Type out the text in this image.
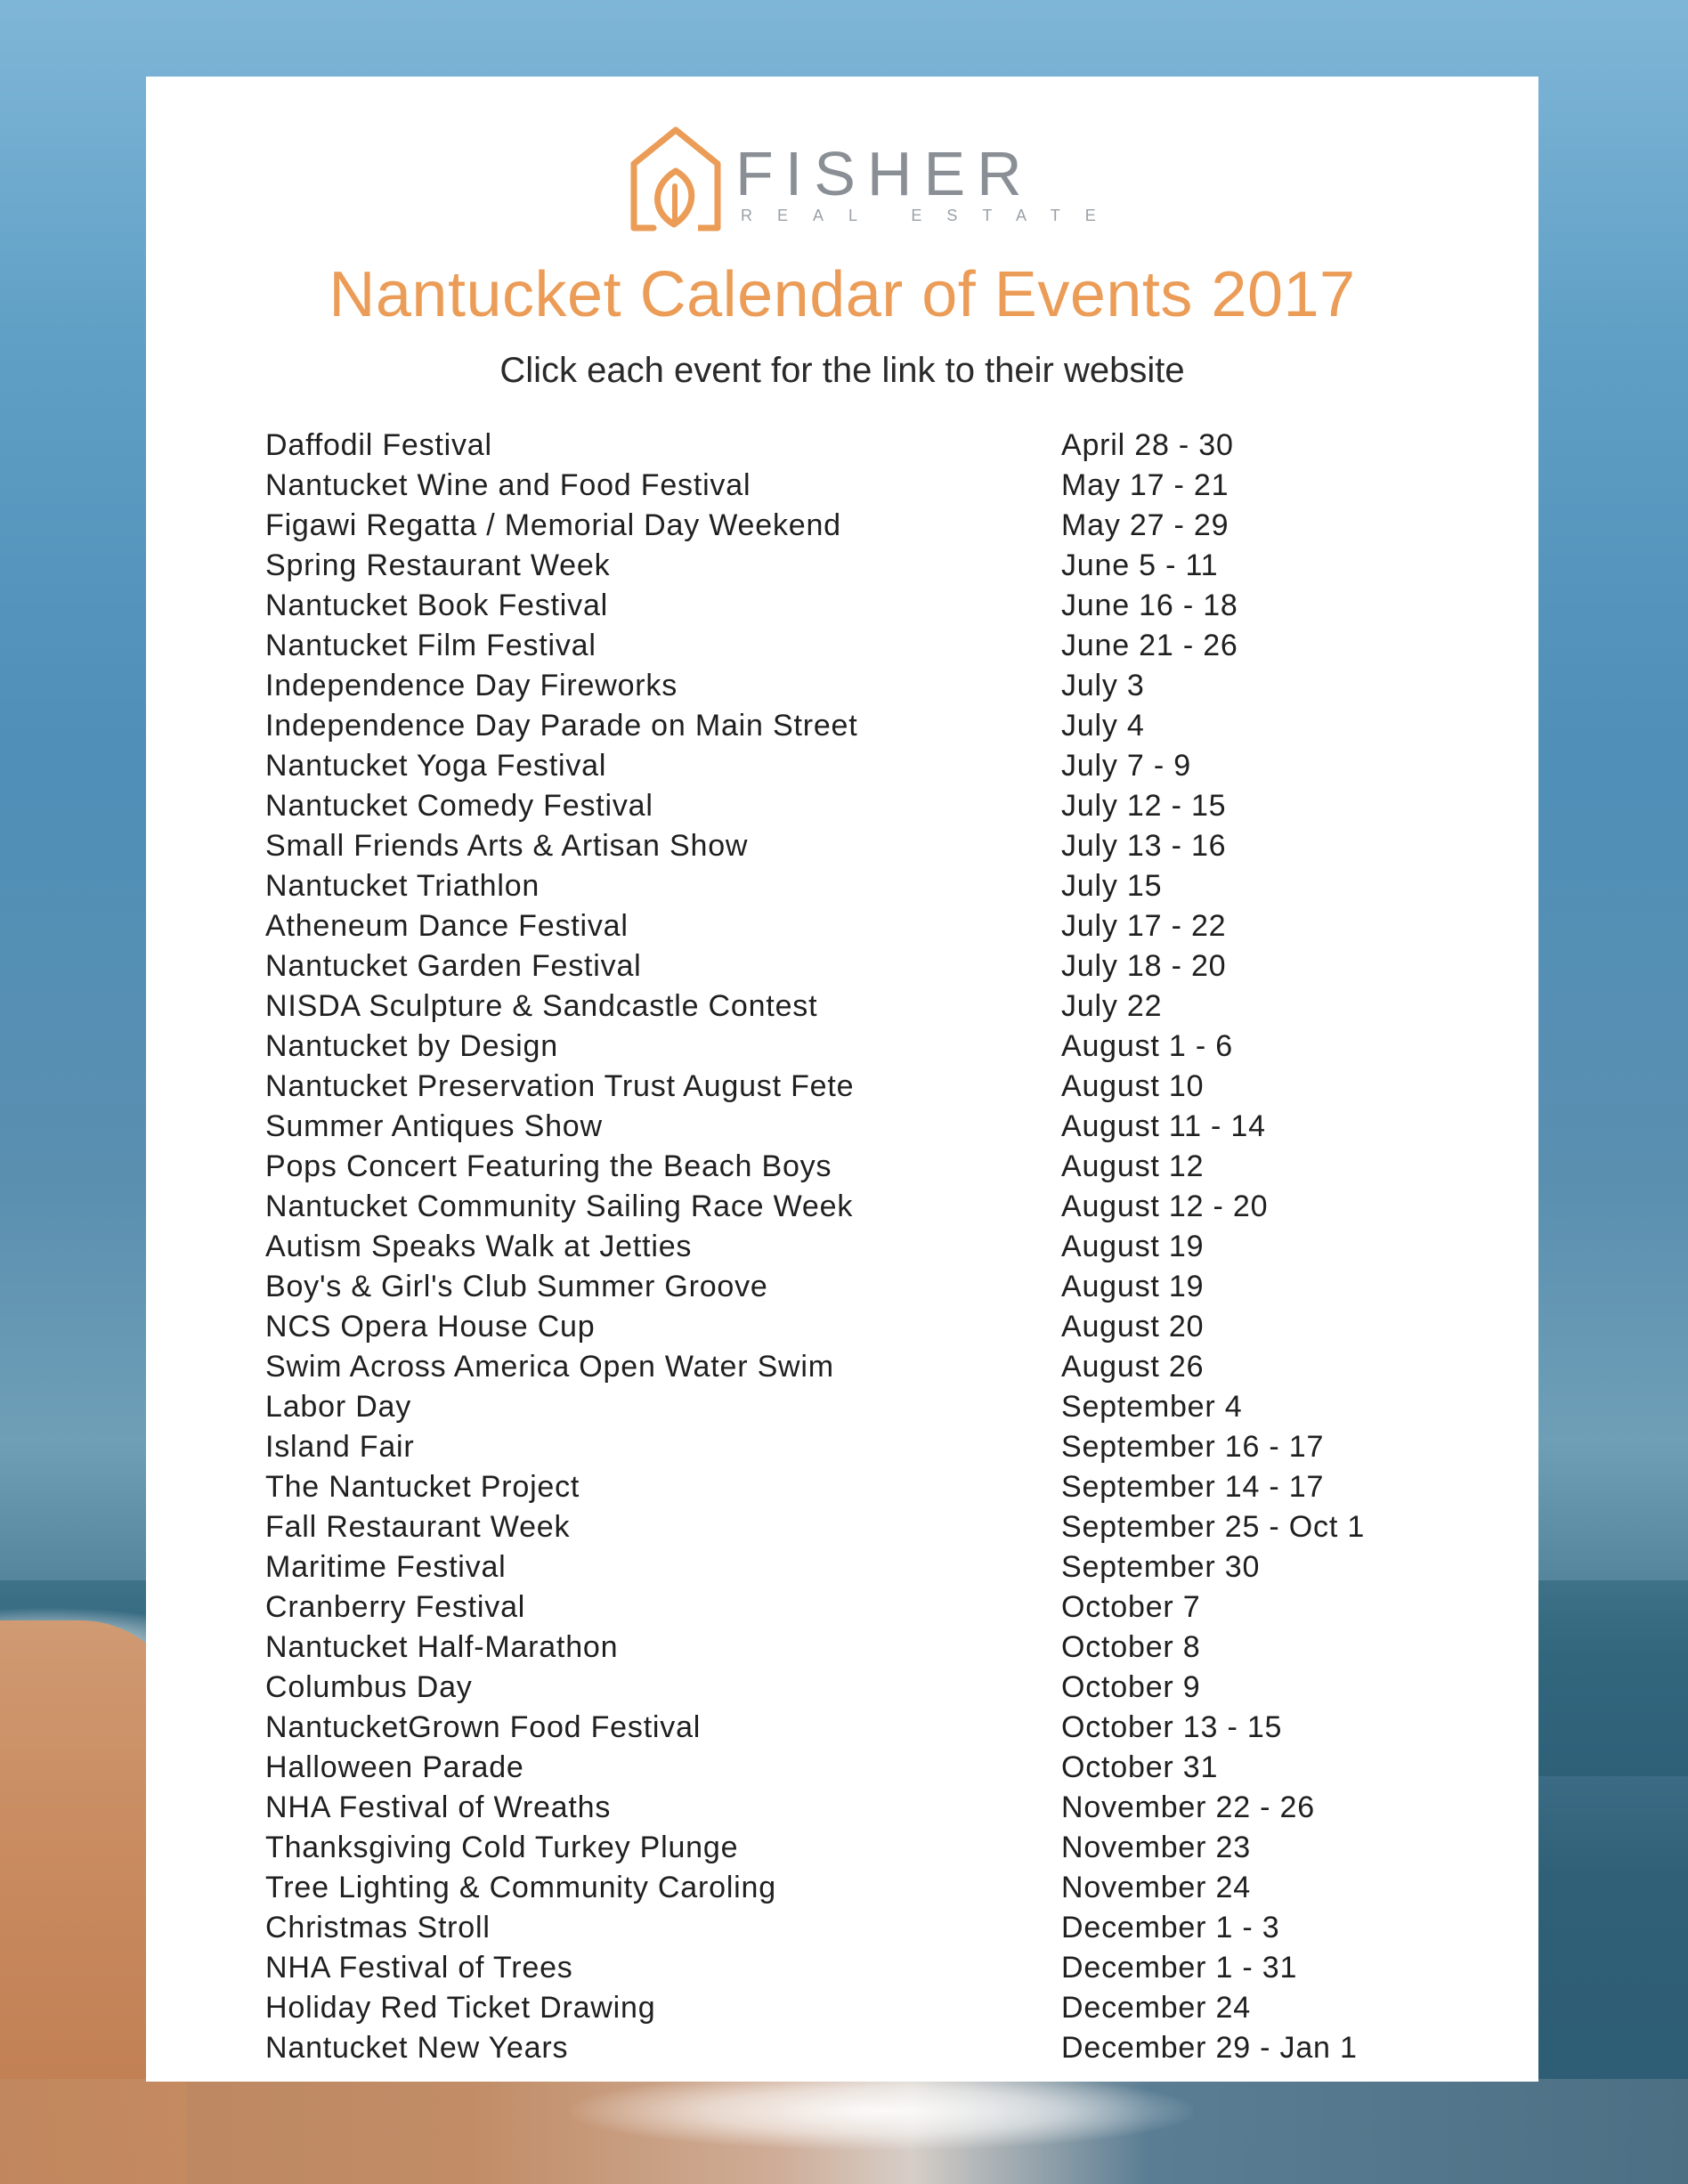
FISHER
REAL ESTATE
Nantucket Calendar of Events 2017
Click each event for the link to their website
Daffodil Festival	April 28 - 30
Nantucket Wine and Food Festival	May 17 - 21
Figawi Regatta / Memorial Day Weekend	May 27 - 29
Spring Restaurant Week	June 5 - 11
Nantucket Book Festival	June 16 - 18
Nantucket Film Festival	June 21 - 26
Independence Day Fireworks	July 3
Independence Day Parade on Main Street	July 4
Nantucket Yoga Festival	July 7 - 9
Nantucket Comedy Festival	July 12 - 15
Small Friends Arts & Artisan Show	July 13 - 16
Nantucket Triathlon	July 15
Atheneum Dance Festival	July 17 - 22
Nantucket Garden Festival	July 18 - 20
NISDA Sculpture & Sandcastle Contest	July 22
Nantucket by Design	August 1 - 6
Nantucket Preservation Trust August Fete	August 10
Summer Antiques Show	August 11 - 14
Pops Concert Featuring the Beach Boys	August 12
Nantucket Community Sailing Race Week	August 12 - 20
Autism Speaks Walk at Jetties	August 19
Boy's & Girl's Club Summer Groove	August 19
NCS Opera House Cup	August 20
Swim Across America Open Water Swim	August 26
Labor Day	September 4
Island Fair	September 16 - 17
The Nantucket Project	September 14 - 17
Fall Restaurant Week	September 25 - Oct 1
Maritime Festival	September 30
Cranberry Festival	October 7
Nantucket Half-Marathon	October 8
Columbus Day	October 9
NantucketGrown Food Festival	October 13 - 15
Halloween Parade	October 31
NHA Festival of Wreaths	November 22 - 26
Thanksgiving Cold Turkey Plunge	November 23
Tree Lighting & Community Caroling	November 24
Christmas Stroll	December 1 - 3
NHA Festival of Trees	December 1 - 31
Holiday Red Ticket Drawing	December 24
Nantucket New Years	December 29 - Jan 1
